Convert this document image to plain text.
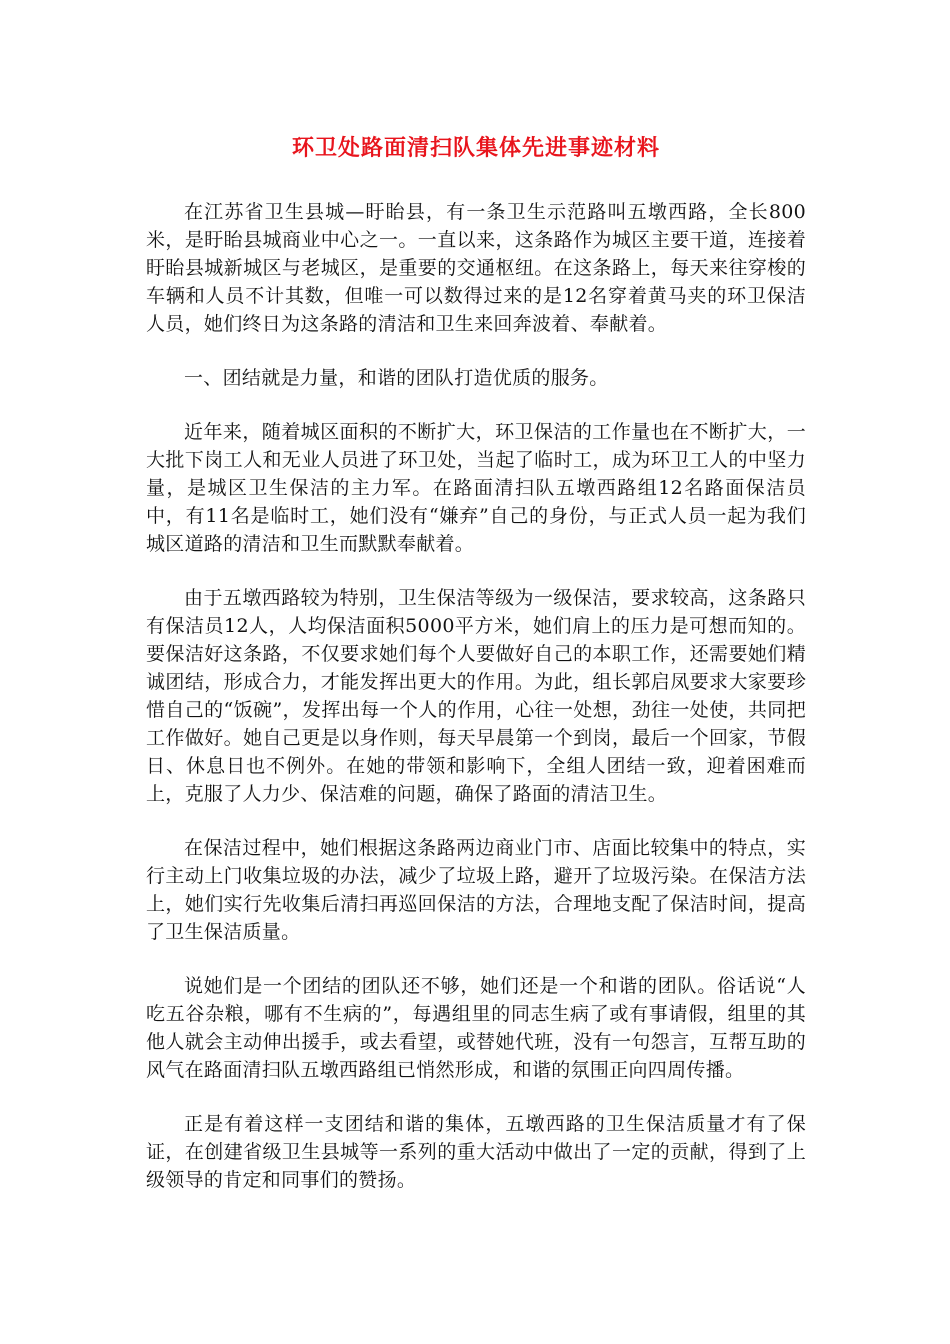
环卫处路面清扫队集体先进事迹材料

在江苏省卫生县城—盱眙县，有一条卫生示范路叫五墩西路，全长800米，是盱眙县城商业中心之一。一直以来，这条路作为城区主要干道，连接着盱眙县城新城区与老城区，是重要的交通枢纽。在这条路上，每天来往穿梭的车辆和人员不计其数，但唯一可以数得过来的是12名穿着黄马夹的环卫保洁人员，她们终日为这条路的清洁和卫生来回奔波着、奉献着。

一、团结就是力量，和谐的团队打造优质的服务。

近年来，随着城区面积的不断扩大，环卫保洁的工作量也在不断扩大，一大批下岗工人和无业人员进了环卫处，当起了临时工，成为环卫工人的中坚力量，是城区卫生保洁的主力军。在路面清扫队五墩西路组12名路面保洁员中，有11名是临时工，她们没有“嫌弃”自己的身份，与正式人员一起为我们城区道路的清洁和卫生而默默奉献着。

由于五墩西路较为特别，卫生保洁等级为一级保洁，要求较高，这条路只有保洁员12人，人均保洁面积5000平方米，她们肩上的压力是可想而知的。要保洁好这条路，不仅要求她们每个人要做好自己的本职工作，还需要她们精诚团结，形成合力，才能发挥出更大的作用。为此，组长郭启凤要求大家要珍惜自己的“饭碗”，发挥出每一个人的作用，心往一处想，劲往一处使，共同把工作做好。她自己更是以身作则，每天早晨第一个到岗，最后一个回家，节假日、休息日也不例外。在她的带领和影响下，全组人团结一致，迎着困难而上，克服了人力少、保洁难的问题，确保了路面的清洁卫生。

在保洁过程中，她们根据这条路两边商业门市、店面比较集中的特点，实行主动上门收集垃圾的办法，减少了垃圾上路，避开了垃圾污染。在保洁方法上，她们实行先收集后清扫再巡回保洁的方法，合理地支配了保洁时间，提高了卫生保洁质量。

说她们是一个团结的团队还不够，她们还是一个和谐的团队。俗话说“人吃五谷杂粮，哪有不生病的”，每遇组里的同志生病了或有事请假，组里的其他人就会主动伸出援手，或去看望，或替她代班，没有一句怨言，互帮互助的风气在路面清扫队五墩西路组已悄然形成，和谐的氛围正向四周传播。

正是有着这样一支团结和谐的集体，五墩西路的卫生保洁质量才有了保证，在创建省级卫生县城等一系列的重大活动中做出了一定的贡献，得到了上级领导的肯定和同事们的赞扬。
